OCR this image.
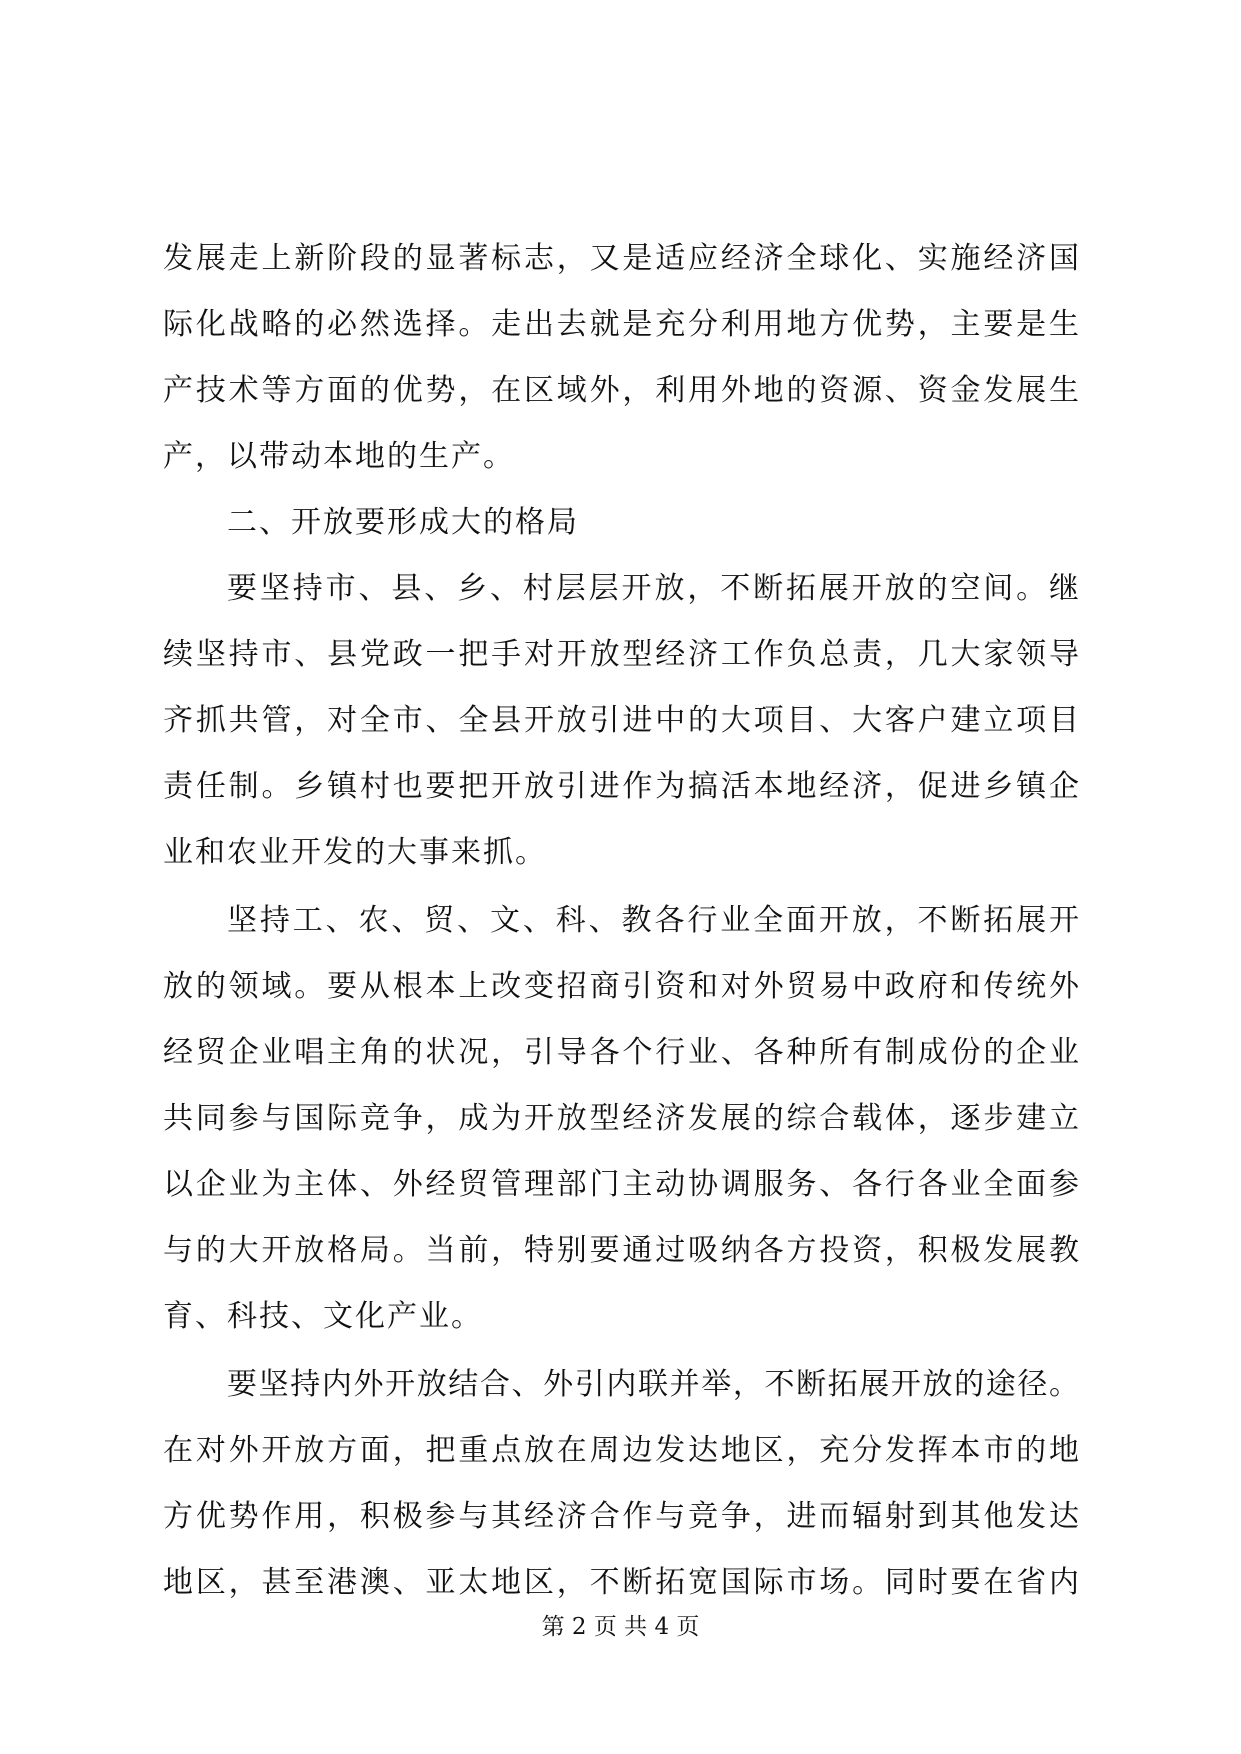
发展走上新阶段的显著标志，又是适应经济全球化、实施经济国
际化战略的必然选择。走出去就是充分利用地方优势，主要是生
产技术等方面的优势，在区域外，利用外地的资源、资金发展生
产，以带动本地的生产。
二、开放要形成大的格局
要坚持市、县、乡、村层层开放，不断拓展开放的空间。继
续坚持市、县党政一把手对开放型经济工作负总责，几大家领导
齐抓共管，对全市、全县开放引进中的大项目、大客户建立项目
责任制。乡镇村也要把开放引进作为搞活本地经济，促进乡镇企
业和农业开发的大事来抓。
坚持工、农、贸、文、科、教各行业全面开放，不断拓展开
放的领域。要从根本上改变招商引资和对外贸易中政府和传统外
经贸企业唱主角的状况，引导各个行业、各种所有制成份的企业
共同参与国际竞争，成为开放型经济发展的综合载体，逐步建立
以企业为主体、外经贸管理部门主动协调服务、各行各业全面参
与的大开放格局。当前，特别要通过吸纳各方投资，积极发展教
育、科技、文化产业。
要坚持内外开放结合、外引内联并举，不断拓展开放的途径。
在对外开放方面，把重点放在周边发达地区，充分发挥本市的地
方优势作用，积极参与其经济合作与竞争，进而辐射到其他发达
地区，甚至港澳、亚太地区，不断拓宽国际市场。同时要在省内
第 2 页 共 4 页
